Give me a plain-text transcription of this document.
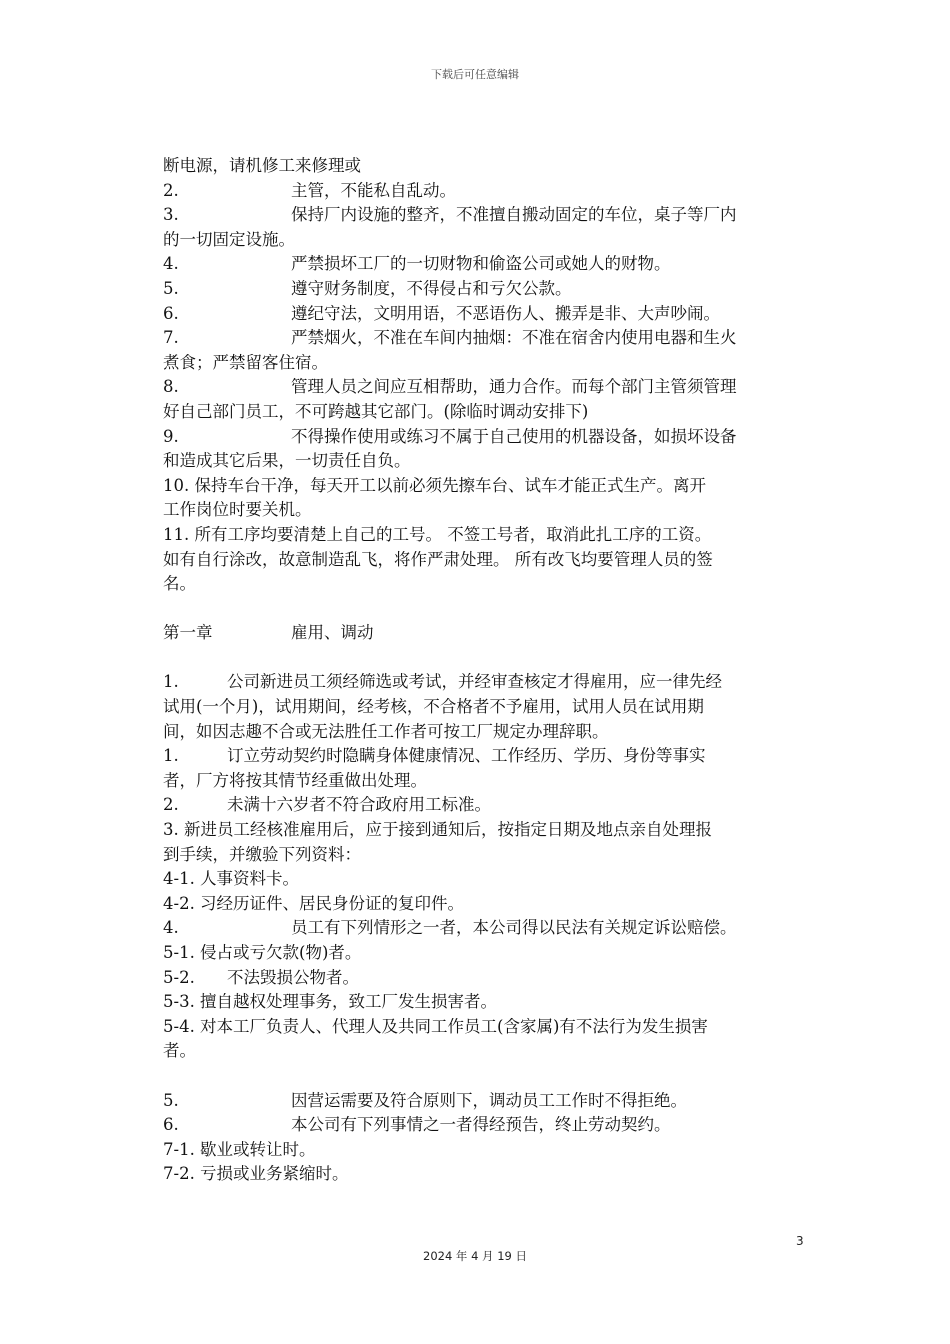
下载后可任意编辑
断电源，请机修工来修理或
2.		主管，不能私自乱动。
3.		保持厂内设施的整齐，不准擅自搬动固定的车位，桌子等厂内
的一切固定设施。
4.		严禁损坏工厂的一切财物和偷盗公司或她人的财物。
5.		遵守财务制度，不得侵占和亏欠公款。
6.		遵纪守法，文明用语，不恶语伤人、搬弄是非、大声吵闹。
7.		严禁烟火，不准在车间内抽烟：不准在宿舍内使用电器和生火
煮食；严禁留客住宿。
8.		管理人员之间应互相帮助，通力合作。而每个部门主管须管理
好自己部门员工，不可跨越其它部门。(除临时调动安排下)
9.		不得操作使用或练习不属于自己使用的机器设备，如损坏设备
和造成其它后果，一切责任自负。
10. 保持车台干净，每天开工以前必须先擦车台、试车才能正式生产。离开
工作岗位时要关机。
11. 所有工序均要清楚上自己的工号。 不签工号者，取消此扎工序的工资。
如有自行涂改，故意制造乱飞，将作严肃处理。 所有改飞均要管理人员的签
名。
第一章		雇用、调动
1.	公司新进员工须经筛选或考试，并经审查核定才得雇用，应一律先经
试用(一个月)，试用期间，经考核，不合格者不予雇用，试用人员在试用期
间，如因志趣不合或无法胜任工作者可按工厂规定办理辞职。
1.	订立劳动契约时隐瞒身体健康情况、工作经历、学历、身份等事实
者，厂方将按其情节经重做出处理。
2.	未满十六岁者不符合政府用工标准。
3. 新进员工经核准雇用后，应于接到通知后，按指定日期及地点亲自处理报
到手续，并缴验下列资料：
4-1. 人事资料卡。
4-2. 习经历证件、居民身份证的复印件。
4.		员工有下列情形之一者，本公司得以民法有关规定诉讼赔偿。
5-1. 侵占或亏欠款(物)者。
5-2.	不法毁损公物者。
5-3. 擅自越权处理事务，致工厂发生损害者。
5-4. 对本工厂负责人、代理人及共同工作员工(含家属)有不法行为发生损害
者。
5.		因营运需要及符合原则下，调动员工工作时不得拒绝。
6.		本公司有下列事情之一者得经预告，终止劳动契约。
7-1. 歇业或转让时。
7-2. 亏损或业务紧缩时。
3
2024 年 4 月 19 日
